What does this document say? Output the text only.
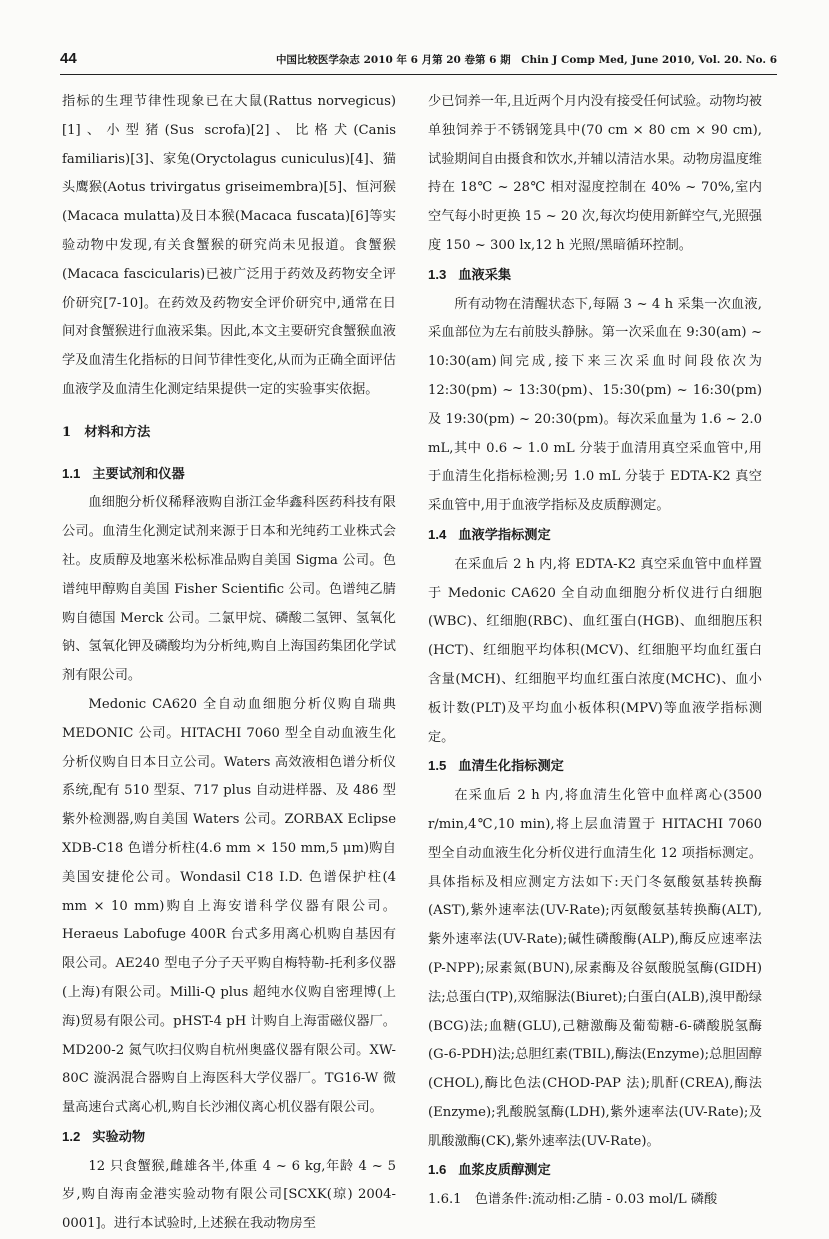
44	中国比较医学杂志 2010 年 6 月第 20 卷第 6 期　Chin J Comp Med, June 2010, Vol. 20. No. 6

指标的生理节律性现象已在大鼠(Rattus norvegicus)[1]、小型猪(Sus scrofa)[2]、比格犬(Canis familiaris)[3]、家兔(Oryctolagus cuniculus)[4]、猫头鹰猴(Aotus trivirgatus griseimembra)[5]、恒河猴(Macaca mulatta)及日本猴(Macaca fuscata)[6]等实验动物中发现,有关食蟹猴的研究尚未见报道。食蟹猴(Macaca fascicularis)已被广泛用于药效及药物安全评价研究[7-10]。在药效及药物安全评价研究中,通常在日间对食蟹猴进行血液采集。因此,本文主要研究食蟹猴血液学及血清生化指标的日间节律性变化,从而为正确全面评估血液学及血清生化测定结果提供一定的实验事实依据。

1　材料和方法

1.1 主要试剂和仪器

血细胞分析仪稀释液购自浙江金华鑫科医药科技有限公司。血清生化测定试剂来源于日本和光纯药工业株式会社。皮质醇及地塞米松标准品购自美国 Sigma 公司。色谱纯甲醇购自美国 Fisher Scientific 公司。色谱纯乙腈购自德国 Merck 公司。二氯甲烷、磷酸二氢钾、氢氧化钠、氢氧化钾及磷酸均为分析纯,购自上海国药集团化学试剂有限公司。

Medonic CA620 全自动血细胞分析仪购自瑞典 MEDONIC 公司。HITACHI 7060 型全自动血液生化分析仪购自日本日立公司。Waters 高效液相色谱分析仪系统,配有 510 型泵、717 plus 自动进样器、及 486 型紫外检测器,购自美国 Waters 公司。ZORBAX Eclipse XDB-C18 色谱分析柱(4.6 mm × 150 mm,5 μm)购自美国安捷伦公司。Wondasil C18 I.D. 色谱保护柱(4 mm × 10 mm)购自上海安谱科学仪器有限公司。Heraeus Labofuge 400R 台式多用离心机购自基因有限公司。AE240 型电子分子天平购自梅特勒-托利多仪器(上海)有限公司。Milli-Q plus 超纯水仪购自密理博(上海)贸易有限公司。pHST-4 pH 计购自上海雷磁仪器厂。MD200-2 氮气吹扫仪购自杭州奥盛仪器有限公司。XW-80C 漩涡混合器购自上海医科大学仪器厂。TG16-W 微量高速台式离心机,购自长沙湘仪离心机仪器有限公司。

1.2 实验动物

12 只食蟹猴,雌雄各半,体重 4 ~ 6 kg,年龄 4 ~ 5 岁,购自海南金港实验动物有限公司[SCXK(琼) 2004-0001]。进行本试验时,上述猴在我动物房至

少已饲养一年,且近两个月内没有接受任何试验。动物均被单独饲养于不锈钢笼具中(70 cm × 80 cm × 90 cm),试验期间自由摄食和饮水,并辅以清洁水果。动物房温度维持在 18℃ ~ 28℃ 相对湿度控制在 40% ~ 70%,室内空气每小时更换 15 ~ 20 次,每次均使用新鲜空气,光照强度 150 ~ 300 lx,12 h 光照/黑暗循环控制。

1.3 血液采集

所有动物在清醒状态下,每隔 3 ~ 4 h 采集一次血液,采血部位为左右前肢头静脉。第一次采血在 9:30(am) ~ 10:30(am)间完成,接下来三次采血时间段依次为 12:30(pm) ~ 13:30(pm)、15:30(pm) ~ 16:30(pm)及 19:30(pm) ~ 20:30(pm)。每次采血量为 1.6 ~ 2.0 mL,其中 0.6 ~ 1.0 mL 分装于血清用真空采血管中,用于血清生化指标检测;另 1.0 mL 分装于 EDTA-K2 真空采血管中,用于血液学指标及皮质醇测定。

1.4 血液学指标测定

在采血后 2 h 内,将 EDTA-K2 真空采血管中血样置于 Medonic CA620 全自动血细胞分析仪进行白细胞(WBC)、红细胞(RBC)、血红蛋白(HGB)、血细胞压积(HCT)、红细胞平均体积(MCV)、红细胞平均血红蛋白含量(MCH)、红细胞平均血红蛋白浓度(MCHC)、血小板计数(PLT)及平均血小板体积(MPV)等血液学指标测定。

1.5 血清生化指标测定

在采血后 2 h 内,将血清生化管中血样离心(3500 r/min,4℃,10 min),将上层血清置于 HITACHI 7060 型全自动血液生化分析仪进行血清生化 12 项指标测定。具体指标及相应测定方法如下:天门冬氨酸氨基转换酶(AST),紫外速率法(UV-Rate);丙氨酸氨基转换酶(ALT),紫外速率法(UV-Rate);碱性磷酸酶(ALP),酶反应速率法(P-NPP);尿素氮(BUN),尿素酶及谷氨酸脱氢酶(GIDH)法;总蛋白(TP),双缩脲法(Biuret);白蛋白(ALB),溴甲酚绿(BCG)法;血糖(GLU),己糖激酶及葡萄糖-6-磷酸脱氢酶(G-6-PDH)法;总胆红素(TBIL),酶法(Enzyme);总胆固醇(CHOL),酶比色法(CHOD-PAP 法);肌酐(CREA),酶法(Enzyme);乳酸脱氢酶(LDH),紫外速率法(UV-Rate);及肌酸激酶(CK),紫外速率法(UV-Rate)。

1.6 血浆皮质醇测定

1.6.1　色谱条件:流动相:乙腈 - 0.03 mol/L 磷酸
